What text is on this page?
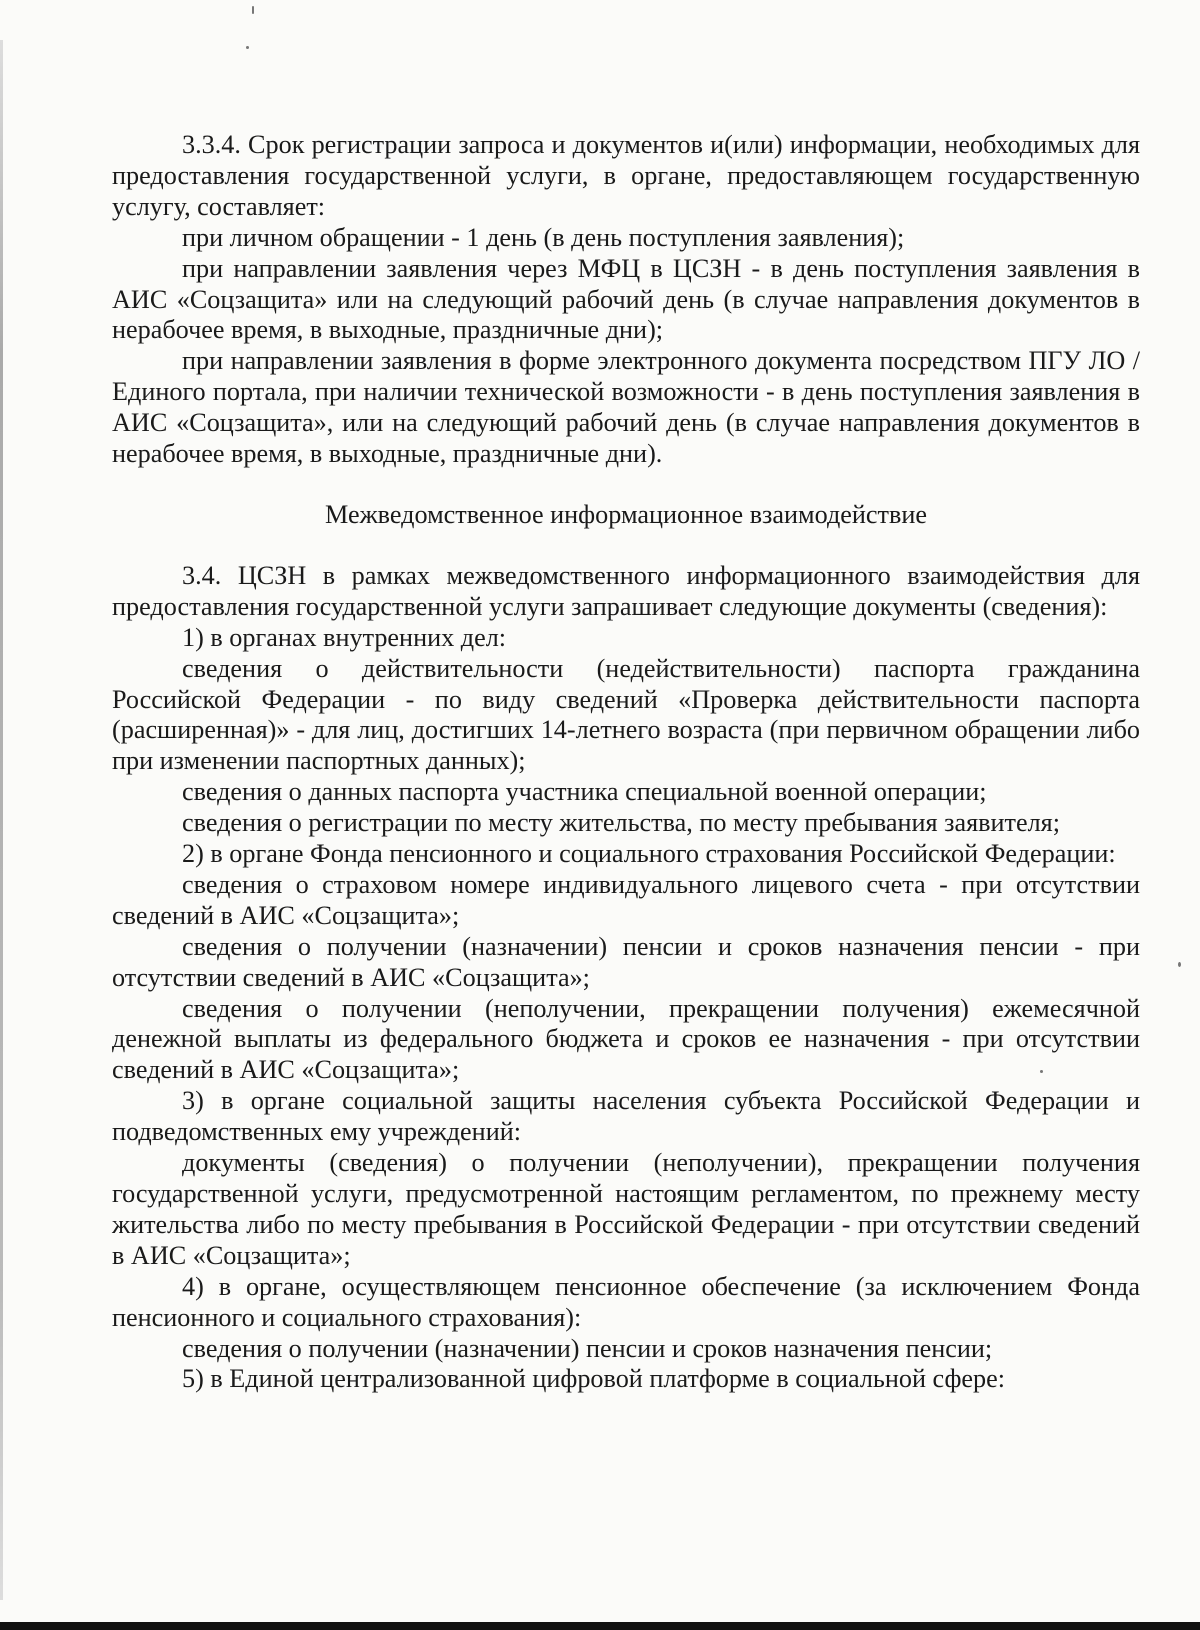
3.3.4. Срок регистрации запроса и документов и(или) информации, необходимых для предоставления государственной услуги, в органе, предоставляющем государственную услугу, составляет:

при личном обращении - 1 день (в день поступления заявления);

при направлении заявления через МФЦ в ЦСЗН - в день поступления заявления в АИС «Соцзащита» или на следующий рабочий день (в случае направления документов в нерабочее время, в выходные, праздничные дни);

при направлении заявления в форме электронного документа посредством ПГУ ЛО / Единого портала, при наличии технической возможности - в день поступления заявления в АИС «Соцзащита», или на следующий рабочий день (в случае направления документов в нерабочее время, в выходные, праздничные дни).

Межведомственное информационное взаимодействие

3.4. ЦСЗН в рамках межведомственного информационного взаимодействия для предоставления государственной услуги запрашивает следующие документы (сведения):

1) в органах внутренних дел:

сведения о действительности (недействительности) паспорта гражданина Российской Федерации - по виду сведений «Проверка действительности паспорта (расширенная)» - для лиц, достигших 14-летнего возраста (при первичном обращении либо при изменении паспортных данных);

сведения о данных паспорта участника специальной военной операции;

сведения о регистрации по месту жительства, по месту пребывания заявителя;

2) в органе Фонда пенсионного и социального страхования Российской Федерации:

сведения о страховом номере индивидуального лицевого счета - при отсутствии сведений в АИС «Соцзащита»;

сведения о получении (назначении) пенсии и сроков назначения пенсии - при отсутствии сведений в АИС «Соцзащита»;

сведения о получении (неполучении, прекращении получения) ежемесячной денежной выплаты из федерального бюджета и сроков ее назначения - при отсутствии сведений в АИС «Соцзащита»;

3) в органе социальной защиты населения субъекта Российской Федерации и подведомственных ему учреждений:

документы (сведения) о получении (неполучении), прекращении получения государственной услуги, предусмотренной настоящим регламентом, по прежнему месту жительства либо по месту пребывания в Российской Федерации - при отсутствии сведений в АИС «Соцзащита»;

4) в органе, осуществляющем пенсионное обеспечение (за исключением Фонда пенсионного и социального страхования):

сведения о получении (назначении) пенсии и сроков назначения пенсии;

5) в Единой централизованной цифровой платформе в социальной сфере:
